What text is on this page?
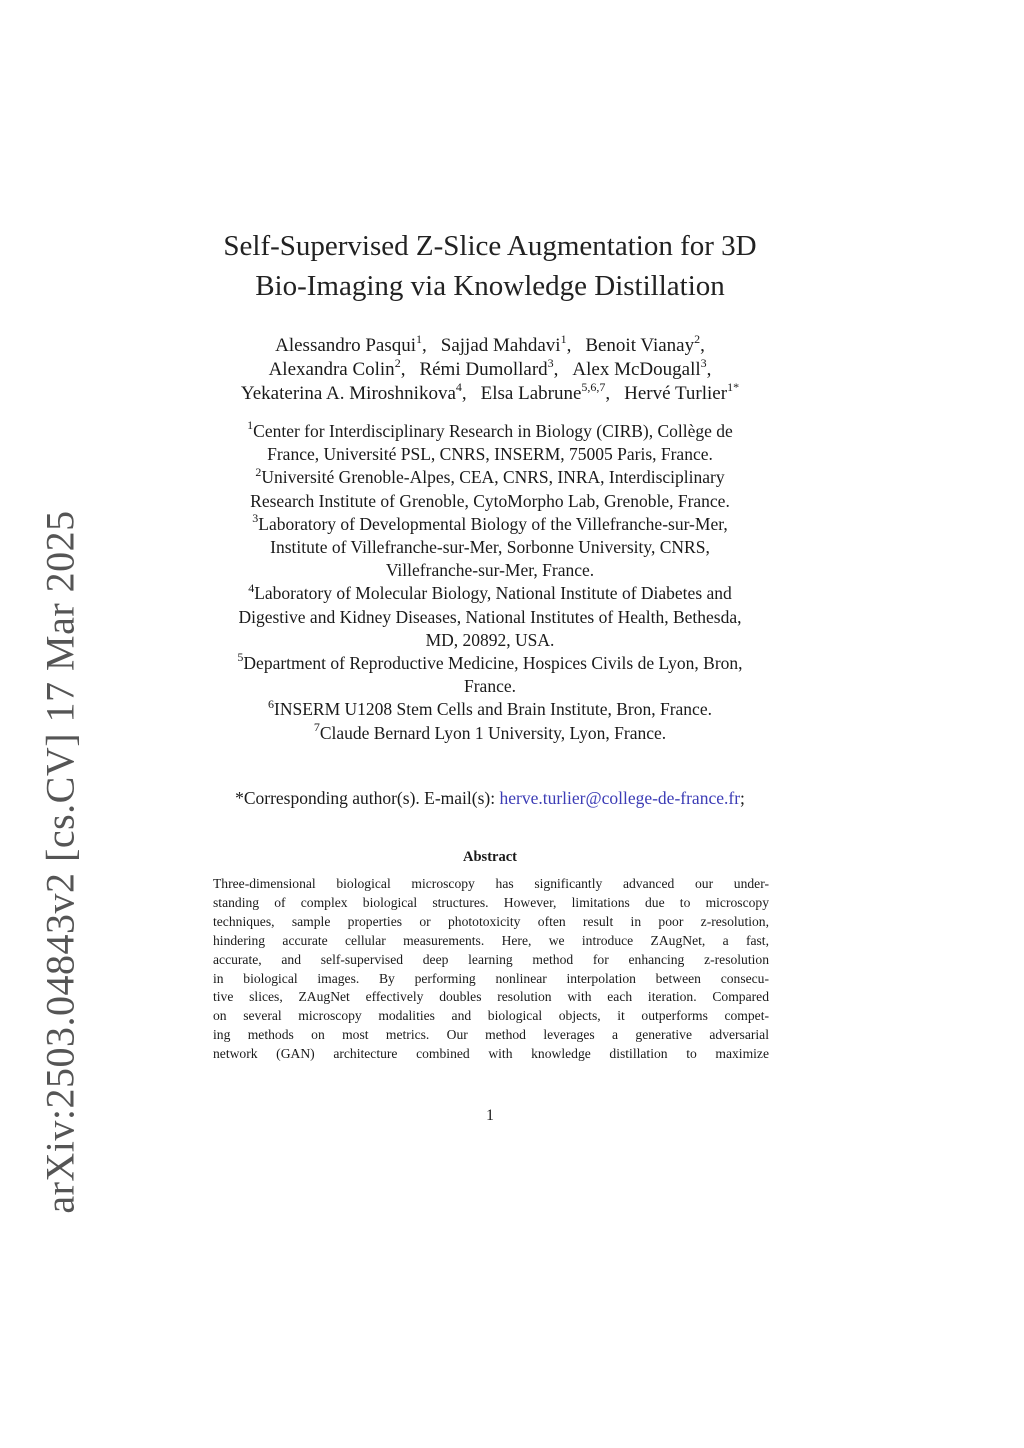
arXiv:2503.04843v2 [cs.CV] 17 Mar 2025
Self-Supervised Z-Slice Augmentation for 3D
Bio-Imaging via Knowledge Distillation
Alessandro Pasqui$^1$, Sajjad Mahdavi$^1$, Benoit Vianay$^2$,
Alexandra Colin$^2$, Rémi Dumollard$^3$, Alex McDougall$^3$,
Yekaterina A. Miroshnikova$^4$, Elsa Labrune$^{5,6,7}$, Hervé Turlier$^{1*}$
$^1$Center for Interdisciplinary Research in Biology (CIRB), Collège de
France, Université PSL, CNRS, INSERM, 75005 Paris, France.
$^2$Université Grenoble-Alpes, CEA, CNRS, INRA, Interdisciplinary
Research Institute of Grenoble, CytoMorpho Lab, Grenoble, France.
$^3$Laboratory of Developmental Biology of the Villefranche-sur-Mer,
Institute of Villefranche-sur-Mer, Sorbonne University, CNRS,
Villefranche-sur-Mer, France.
$^4$Laboratory of Molecular Biology, National Institute of Diabetes and
Digestive and Kidney Diseases, National Institutes of Health, Bethesda,
MD, 20892, USA.
$^5$Department of Reproductive Medicine, Hospices Civils de Lyon, Bron,
France.
$^6$INSERM U1208 Stem Cells and Brain Institute, Bron, France.
$^7$Claude Bernard Lyon 1 University, Lyon, France.
*Corresponding author(s). E-mail(s): herve.turlier@college-de-france.fr;
Abstract
Three-dimensional biological microscopy has significantly advanced our under-
standing of complex biological structures. However, limitations due to microscopy
techniques, sample properties or phototoxicity often result in poor z-resolution,
hindering accurate cellular measurements. Here, we introduce ZAugNet, a fast,
accurate, and self-supervised deep learning method for enhancing z-resolution
in biological images. By performing nonlinear interpolation between consecu-
tive slices, ZAugNet effectively doubles resolution with each iteration. Compared
on several microscopy modalities and biological objects, it outperforms compet-
ing methods on most metrics. Our method leverages a generative adversarial
network (GAN) architecture combined with knowledge distillation to maximize
1
